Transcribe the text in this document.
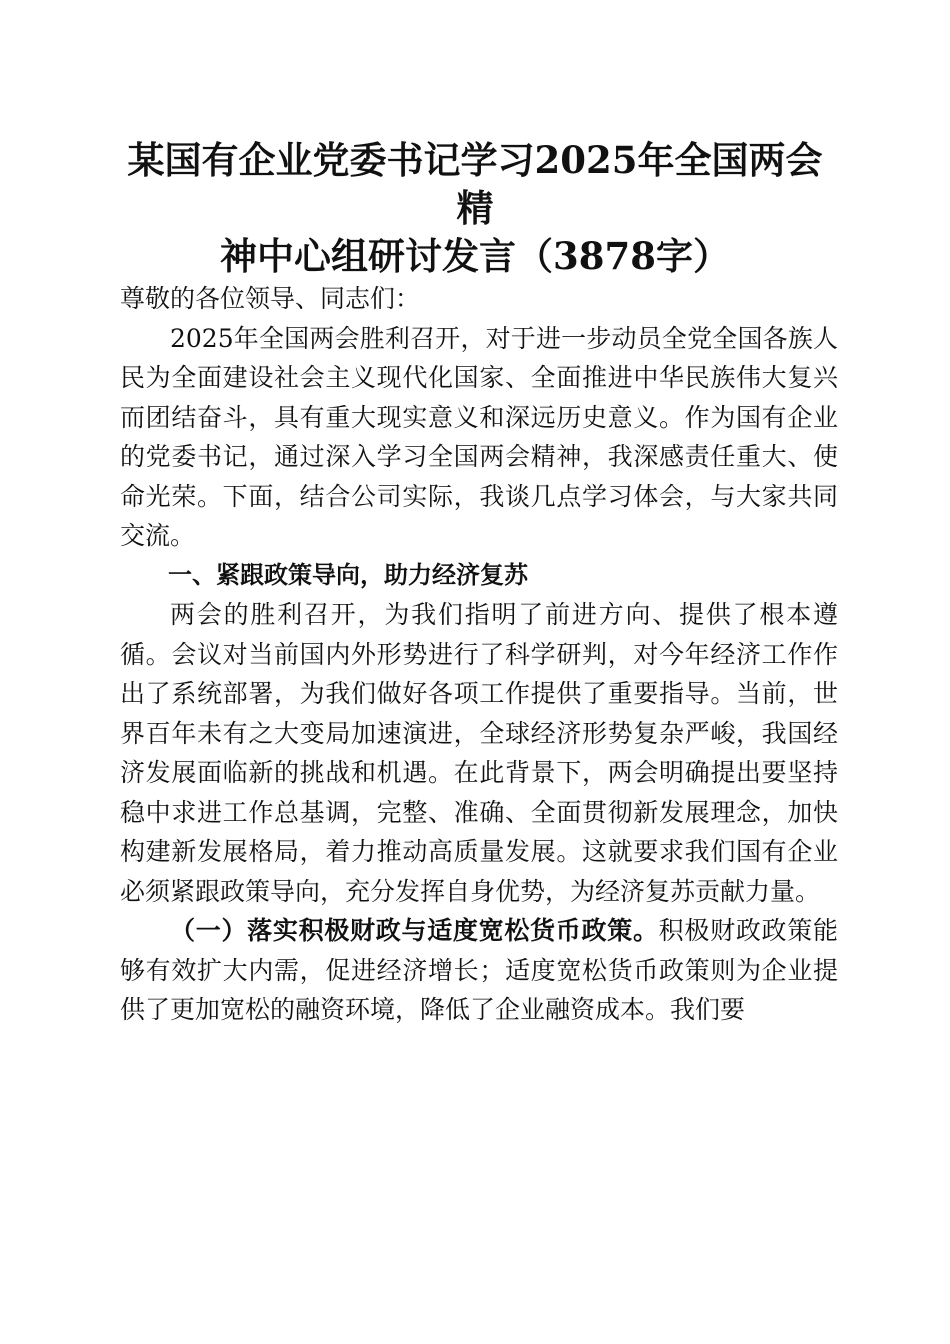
某国有企业党委书记学习2025年全国两会精
神中心组研讨发言（3878字）

尊敬的各位领导、同志们：

2025年全国两会胜利召开，对于进一步动员全党全国各族人民为全面建设社会主义现代化国家、全面推进中华民族伟大复兴而团结奋斗，具有重大现实意义和深远历史意义。作为国有企业的党委书记，通过深入学习全国两会精神，我深感责任重大、使命光荣。下面，结合公司实际，我谈几点学习体会，与大家共同交流。

一、紧跟政策导向，助力经济复苏

两会的胜利召开，为我们指明了前进方向、提供了根本遵循。会议对当前国内外形势进行了科学研判，对今年经济工作作出了系统部署，为我们做好各项工作提供了重要指导。当前，世界百年未有之大变局加速演进，全球经济形势复杂严峻，我国经济发展面临新的挑战和机遇。在此背景下，两会明确提出要坚持稳中求进工作总基调，完整、准确、全面贯彻新发展理念，加快构建新发展格局，着力推动高质量发展。这就要求我们国有企业必须紧跟政策导向，充分发挥自身优势，为经济复苏贡献力量。

（一）落实积极财政与适度宽松货币政策。积极财政政策能够有效扩大内需，促进经济增长；适度宽松货币政策则为企业提供了更加宽松的融资环境，降低了企业融资成本。我们要
